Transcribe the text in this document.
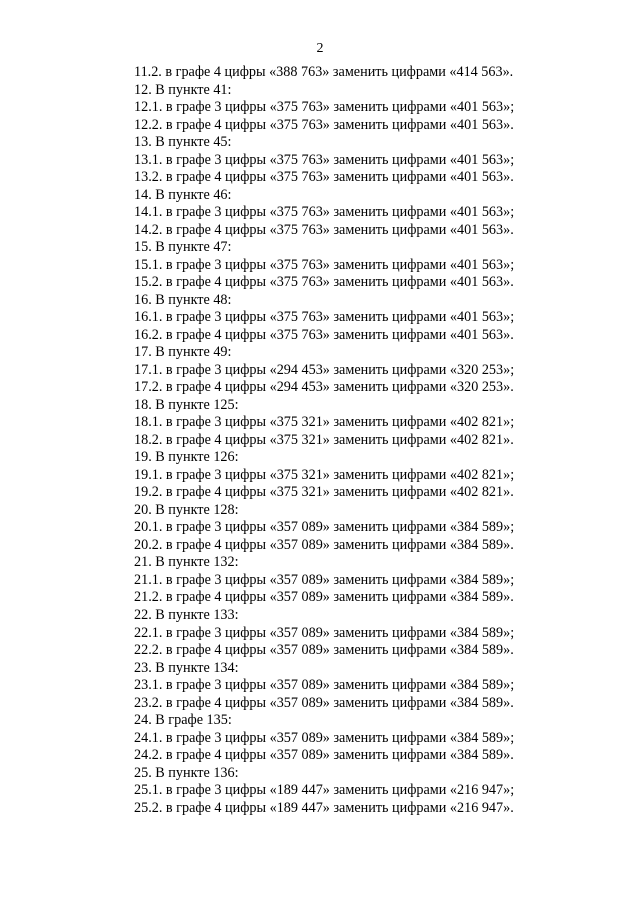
2
11.2. в графе 4 цифры «388 763» заменить цифрами «414 563».
12. В пункте 41:
12.1. в графе 3 цифры «375 763» заменить цифрами «401 563»;
12.2. в графе 4 цифры «375 763» заменить цифрами «401 563».
13. В пункте 45:
13.1. в графе 3 цифры «375 763» заменить цифрами «401 563»;
13.2. в графе 4 цифры «375 763» заменить цифрами «401 563».
14. В пункте 46:
14.1. в графе 3 цифры «375 763» заменить цифрами «401 563»;
14.2. в графе 4 цифры «375 763» заменить цифрами «401 563».
15. В пункте 47:
15.1. в графе 3 цифры «375 763» заменить цифрами «401 563»;
15.2. в графе 4 цифры «375 763» заменить цифрами «401 563».
16. В пункте 48:
16.1. в графе 3 цифры «375 763» заменить цифрами «401 563»;
16.2. в графе 4 цифры «375 763» заменить цифрами «401 563».
17. В пункте 49:
17.1. в графе 3 цифры «294 453» заменить цифрами «320 253»;
17.2. в графе 4 цифры «294 453» заменить цифрами «320 253».
18. В пункте 125:
18.1. в графе 3 цифры «375 321» заменить цифрами «402 821»;
18.2. в графе 4 цифры «375 321» заменить цифрами «402 821».
19. В пункте 126:
19.1. в графе 3 цифры «375 321» заменить цифрами «402 821»;
19.2. в графе 4 цифры «375 321» заменить цифрами «402 821».
20. В пункте 128:
20.1. в графе 3 цифры «357 089» заменить цифрами «384 589»;
20.2. в графе 4 цифры «357 089» заменить цифрами «384 589».
21. В пункте 132:
21.1. в графе 3 цифры «357 089» заменить цифрами «384 589»;
21.2. в графе 4 цифры «357 089» заменить цифрами «384 589».
22. В пункте 133:
22.1. в графе 3 цифры «357 089» заменить цифрами «384 589»;
22.2. в графе 4 цифры «357 089» заменить цифрами «384 589».
23. В пункте 134:
23.1. в графе 3 цифры «357 089» заменить цифрами «384 589»;
23.2. в графе 4 цифры «357 089» заменить цифрами «384 589».
24. В графе 135:
24.1. в графе 3 цифры «357 089» заменить цифрами «384 589»;
24.2. в графе 4 цифры «357 089» заменить цифрами «384 589».
25. В пункте 136:
25.1. в графе 3 цифры «189 447» заменить цифрами «216 947»;
25.2. в графе 4 цифры «189 447» заменить цифрами «216 947».
